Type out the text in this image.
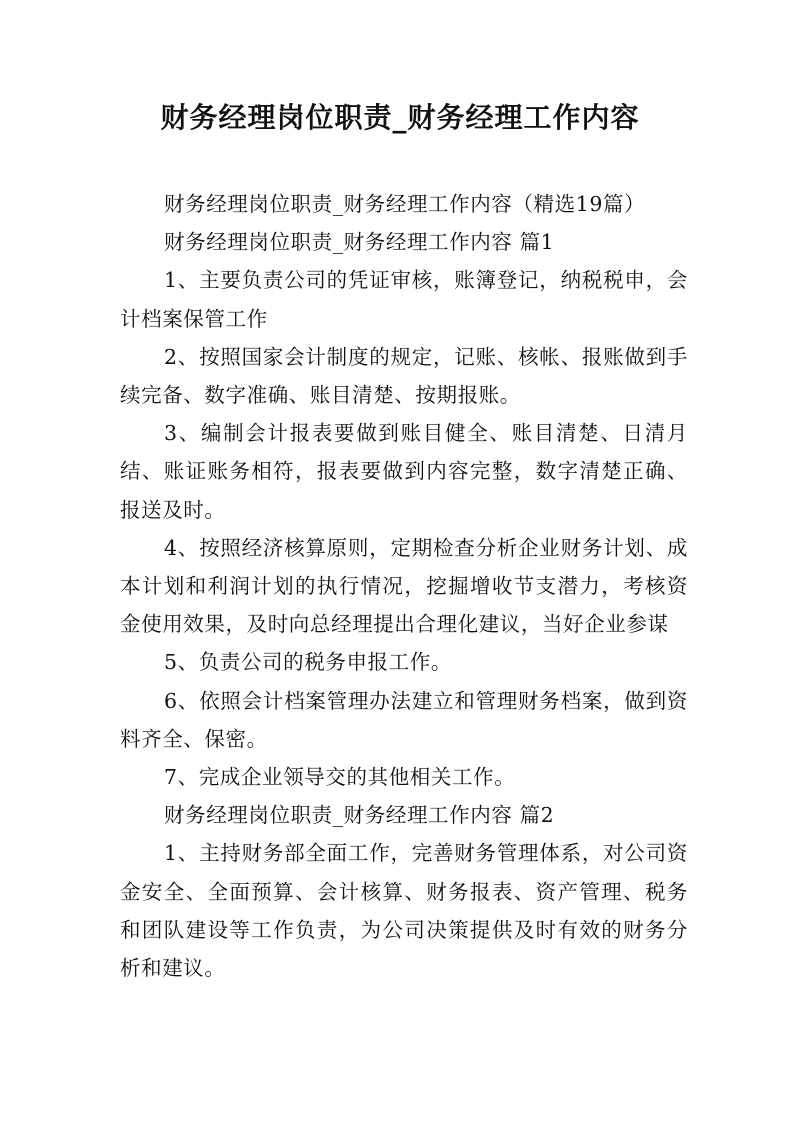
财务经理岗位职责_财务经理工作内容

财务经理岗位职责_财务经理工作内容（精选19篇）

财务经理岗位职责_财务经理工作内容 篇1

1、主要负责公司的凭证审核，账簿登记，纳税税申，会计档案保管工作

2、按照国家会计制度的规定，记账、核帐、报账做到手续完备、数字准确、账目清楚、按期报账。

3、编制会计报表要做到账目健全、账目清楚、日清月结、账证账务相符，报表要做到内容完整，数字清楚正确、报送及时。

4、按照经济核算原则，定期检查分析企业财务计划、成本计划和利润计划的执行情况，挖掘增收节支潜力，考核资金使用效果，及时向总经理提出合理化建议，当好企业参谋

5、负责公司的税务申报工作。

6、依照会计档案管理办法建立和管理财务档案，做到资料齐全、保密。

7、完成企业领导交的其他相关工作。

财务经理岗位职责_财务经理工作内容 篇2

1、主持财务部全面工作，完善财务管理体系，对公司资金安全、全面预算、会计核算、财务报表、资产管理、税务和团队建设等工作负责，为公司决策提供及时有效的财务分析和建议。
